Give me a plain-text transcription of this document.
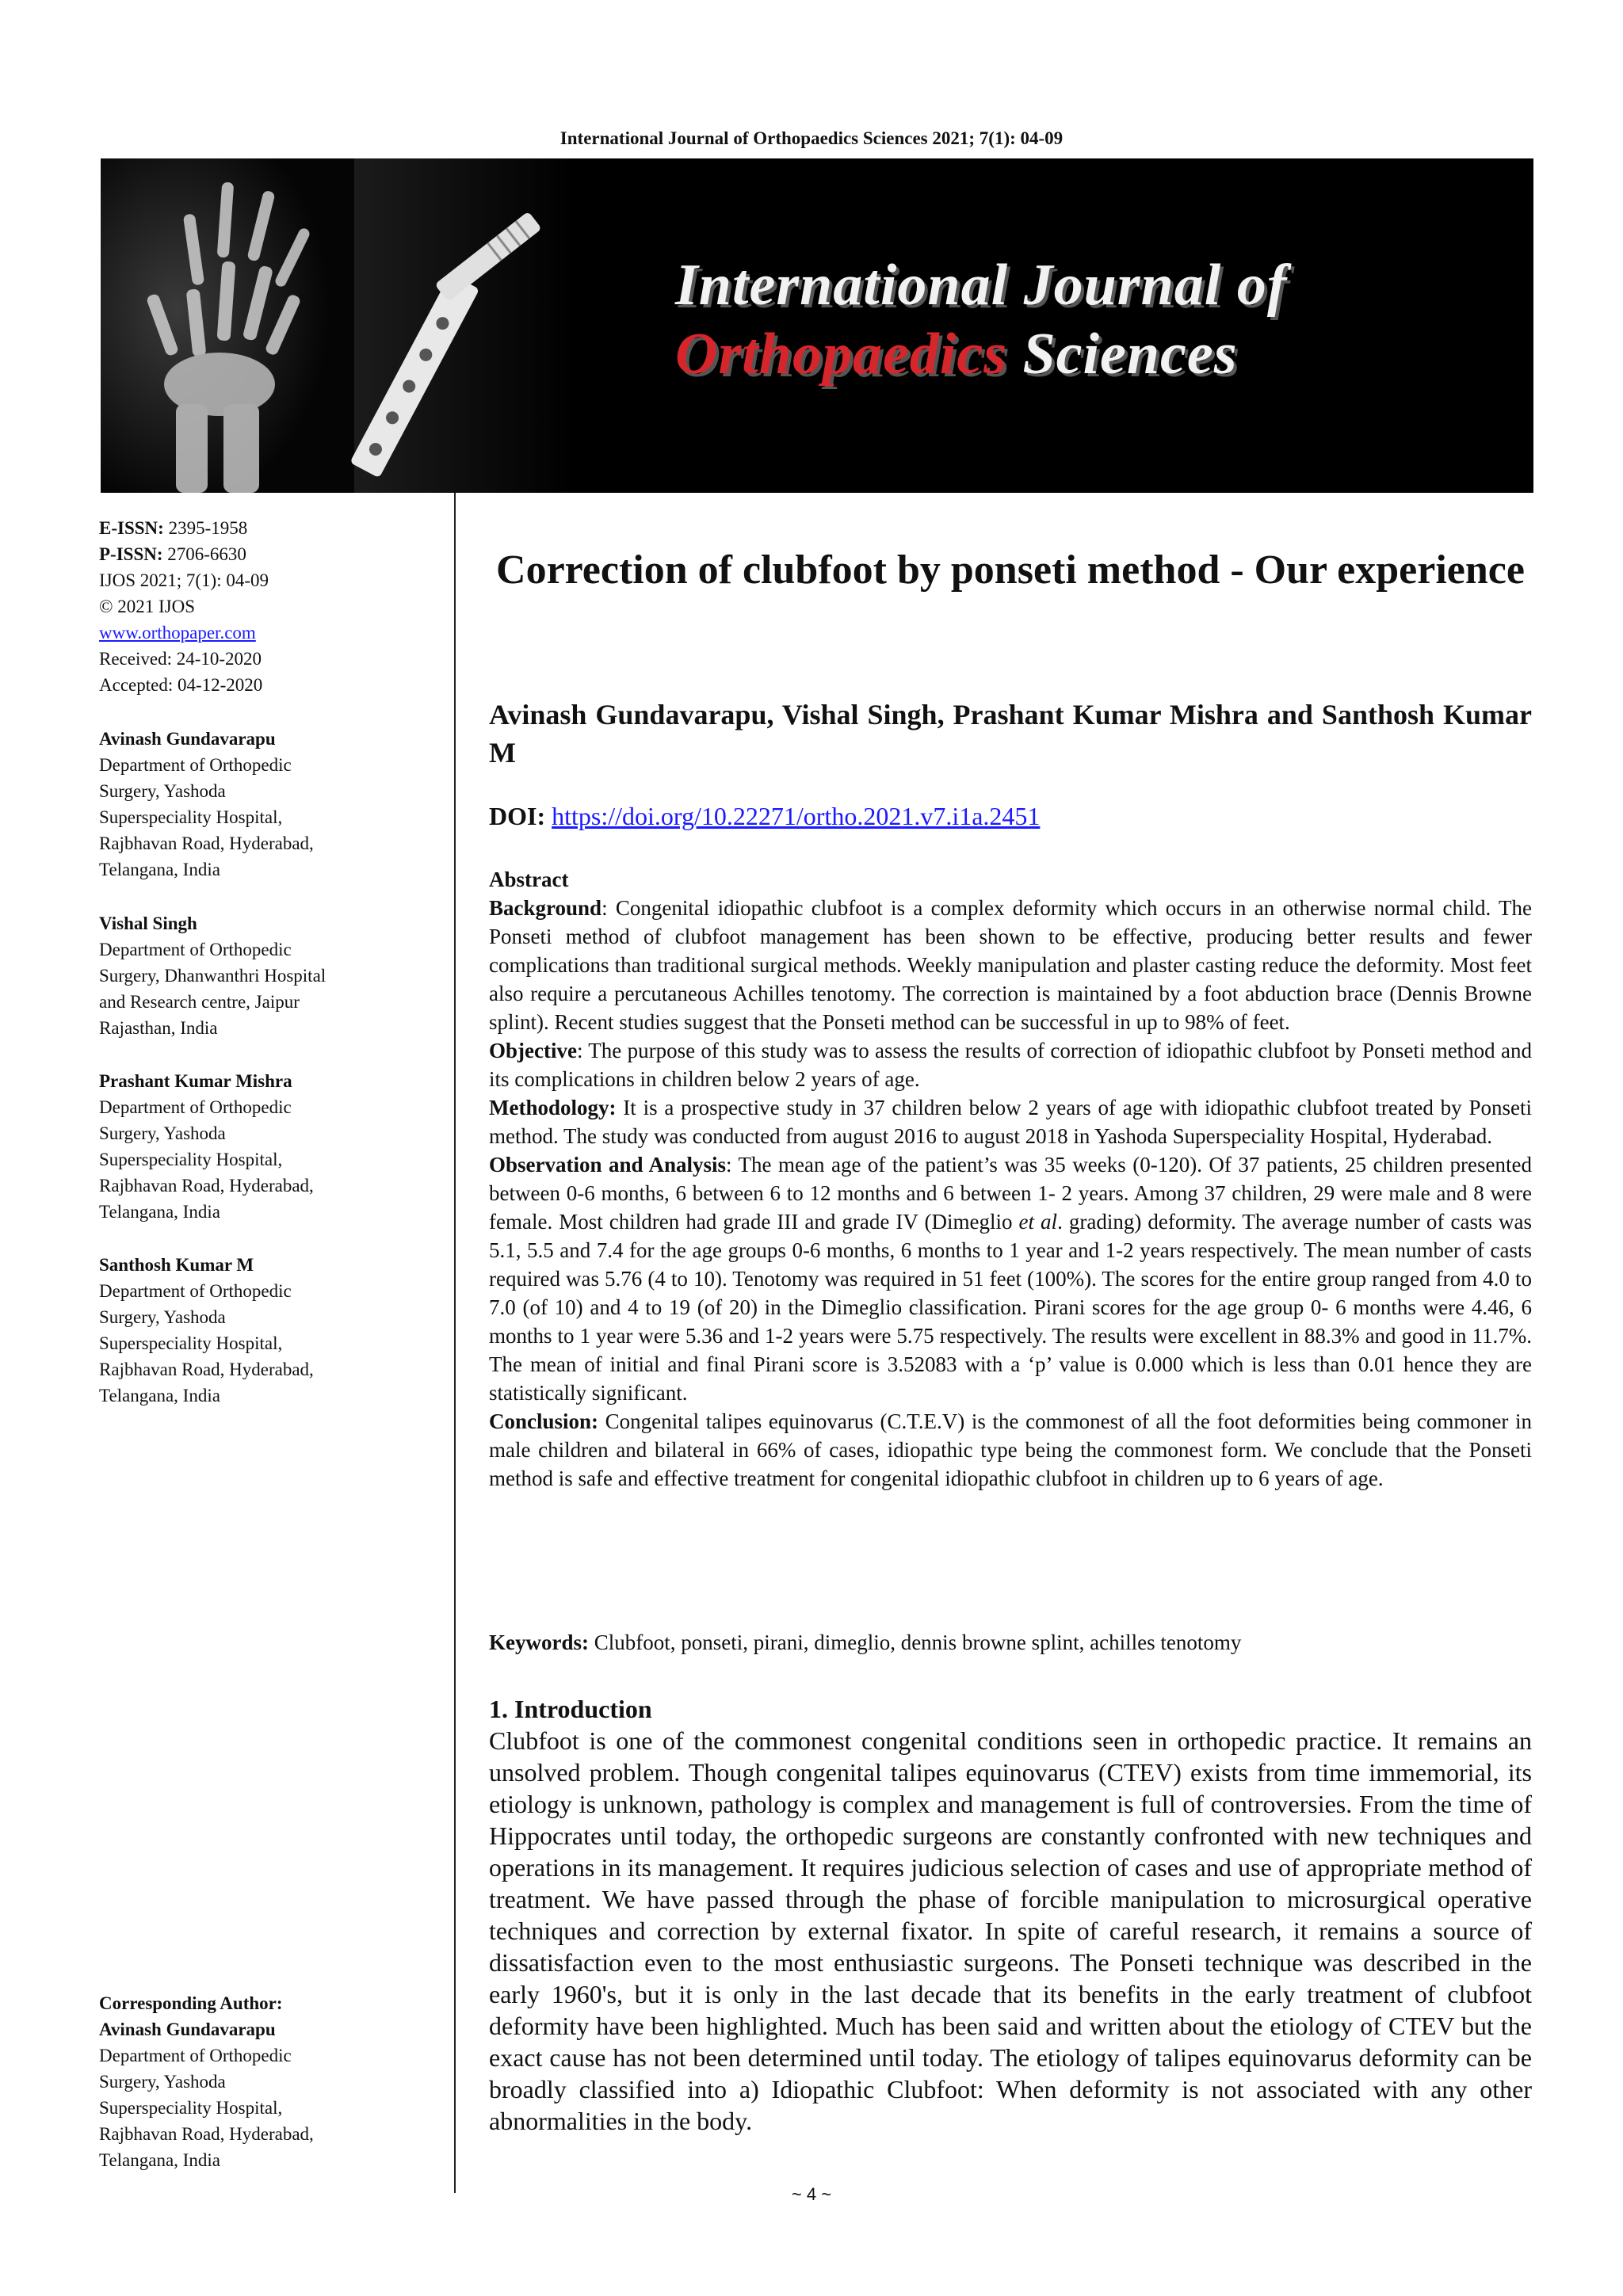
International Journal of Orthopaedics Sciences 2021; 7(1): 04-09
International Journal of
Orthopaedics Sciences
E-ISSN: 2395-1958
P-ISSN: 2706-6630
IJOS 2021; 7(1): 04-09
© 2021 IJOS
www.orthopaper.com
Received: 24-10-2020
Accepted: 04-12-2020
Avinash Gundavarapu
Department of Orthopedic
Surgery, Yashoda
Superspeciality Hospital,
Rajbhavan Road, Hyderabad,
Telangana, India
Vishal Singh
Department of Orthopedic
Surgery, Dhanwanthri Hospital
and Research centre, Jaipur
Rajasthan, India
Prashant Kumar Mishra
Department of Orthopedic
Surgery, Yashoda
Superspeciality Hospital,
Rajbhavan Road, Hyderabad,
Telangana, India
Santhosh Kumar M
Department of Orthopedic
Surgery, Yashoda
Superspeciality Hospital,
Rajbhavan Road, Hyderabad,
Telangana, India
Corresponding Author:
Avinash Gundavarapu
Department of Orthopedic
Surgery, Yashoda
Superspeciality Hospital,
Rajbhavan Road, Hyderabad,
Telangana, India
Correction of clubfoot by ponseti method - Our experience
Avinash Gundavarapu, Vishal Singh, Prashant Kumar Mishra and Santhosh Kumar M
DOI: https://doi.org/10.22271/ortho.2021.v7.i1a.2451

Abstract

Background: Congenital idiopathic clubfoot is a complex deformity which occurs in an otherwise normal child. The Ponseti method of clubfoot management has been shown to be effective, producing better results and fewer complications than traditional surgical methods. Weekly manipulation and plaster casting reduce the deformity. Most feet also require a percutaneous Achilles tenotomy. The correction is maintained by a foot abduction brace (Dennis Browne splint). Recent studies suggest that the Ponseti method can be successful in up to 98% of feet.

Objective: The purpose of this study was to assess the results of correction of idiopathic clubfoot by Ponseti method and its complications in children below 2 years of age.

Methodology: It is a prospective study in 37 children below 2 years of age with idiopathic clubfoot treated by Ponseti method. The study was conducted from august 2016 to august 2018 in Yashoda Superspeciality Hospital, Hyderabad.

Observation and Analysis: The mean age of the patient’s was 35 weeks (0-120). Of 37 patients, 25 children presented between 0-6 months, 6 between 6 to 12 months and 6 between 1- 2 years. Among 37 children, 29 were male and 8 were female. Most children had grade III and grade IV (Dimeglio et al. grading) deformity. The average number of casts was 5.1, 5.5 and 7.4 for the age groups 0-6 months, 6 months to 1 year and 1-2 years respectively. The mean number of casts required was 5.76 (4 to 10). Tenotomy was required in 51 feet (100%). The scores for the entire group ranged from 4.0 to 7.0 (of 10) and 4 to 19 (of 20) in the Dimeglio classification. Pirani scores for the age group 0- 6 months were 4.46, 6 months to 1 year were 5.36 and 1-2 years were 5.75 respectively. The results were excellent in 88.3% and good in 11.7%. The mean of initial and final Pirani score is 3.52083 with a ‘p’ value is 0.000 which is less than 0.01 hence they are statistically significant.

Conclusion: Congenital talipes equinovarus (C.T.E.V) is the commonest of all the foot deformities being commoner in male children and bilateral in 66% of cases, idiopathic type being the commonest form. We conclude that the Ponseti method is safe and effective treatment for congenital idiopathic clubfoot in children up to 6 years of age.

Keywords: Clubfoot, ponseti, pirani, dimeglio, dennis browne splint, achilles tenotomy

1. Introduction

Clubfoot is one of the commonest congenital conditions seen in orthopedic practice. It remains an unsolved problem. Though congenital talipes equinovarus (CTEV) exists from time immemorial, its etiology is unknown, pathology is complex and management is full of controversies. From the time of Hippocrates until today, the orthopedic surgeons are constantly confronted with new techniques and operations in its management. It requires judicious selection of cases and use of appropriate method of treatment. We have passed through the phase of forcible manipulation to microsurgical operative techniques and correction by external fixator. In spite of careful research, it remains a source of dissatisfaction even to the most enthusiastic surgeons. The Ponseti technique was described in the early 1960's, but it is only in the last decade that its benefits in the early treatment of clubfoot deformity have been highlighted. Much has been said and written about the etiology of CTEV but the exact cause has not been determined until today. The etiology of talipes equinovarus deformity can be broadly classified into a) Idiopathic Clubfoot: When deformity is not associated with any other abnormalities in the body.

~ 4 ~
